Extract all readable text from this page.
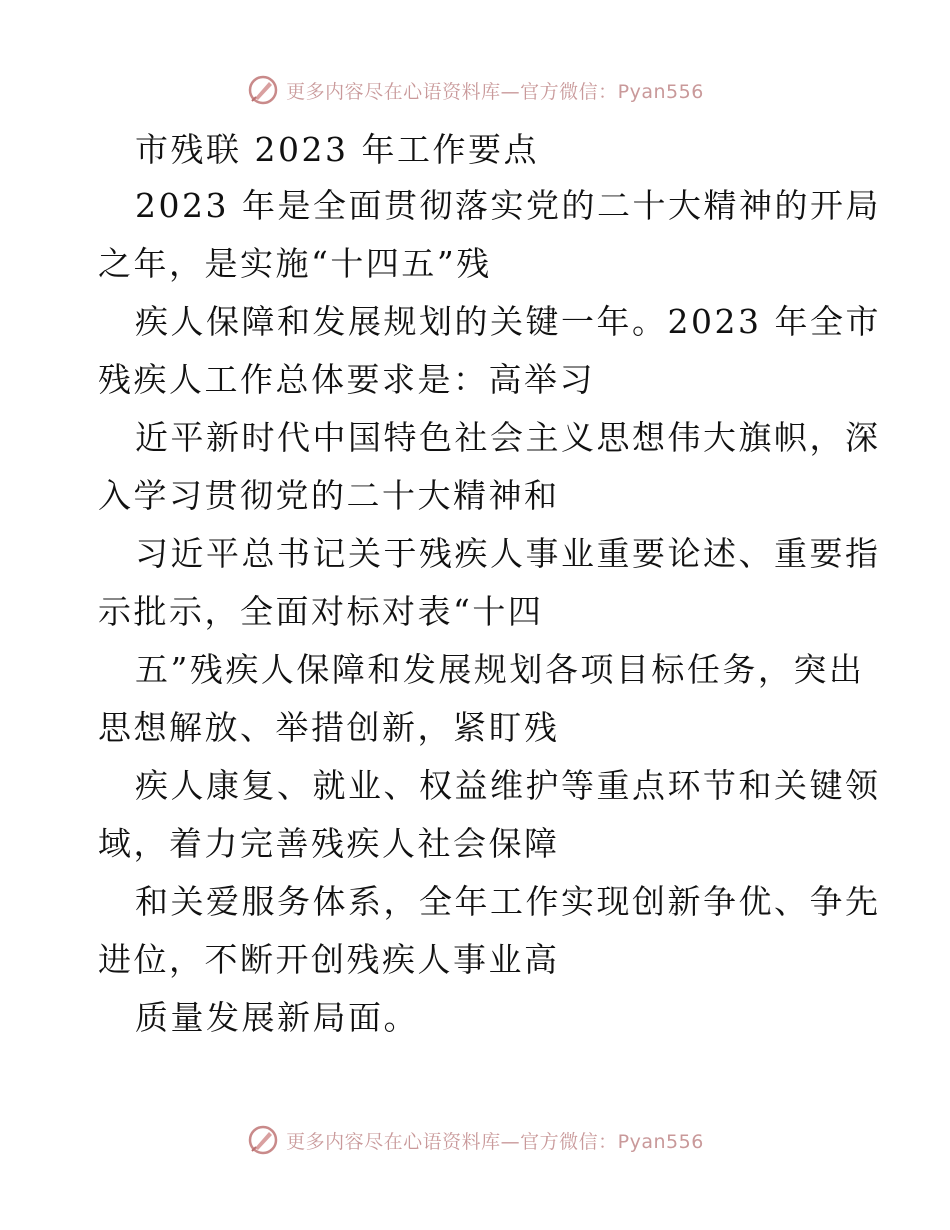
更多内容尽在心语资料库—官方微信：Pyan556
市残联 2023 年工作要点
2023 年是全面贯彻落实党的二十大精神的开局
之年，是实施“十四五”残
疾人保障和发展规划的关键一年。2023 年全市
残疾人工作总体要求是：高举习
近平新时代中国特色社会主义思想伟大旗帜，深
入学习贯彻党的二十大精神和
习近平总书记关于残疾人事业重要论述、重要指
示批示，全面对标对表“十四
五”残疾人保障和发展规划各项目标任务，突出
思想解放、举措创新，紧盯残
疾人康复、就业、权益维护等重点环节和关键领
域，着力完善残疾人社会保障
和关爱服务体系，全年工作实现创新争优、争先
进位，不断开创残疾人事业高
质量发展新局面。
更多内容尽在心语资料库—官方微信：Pyan556
